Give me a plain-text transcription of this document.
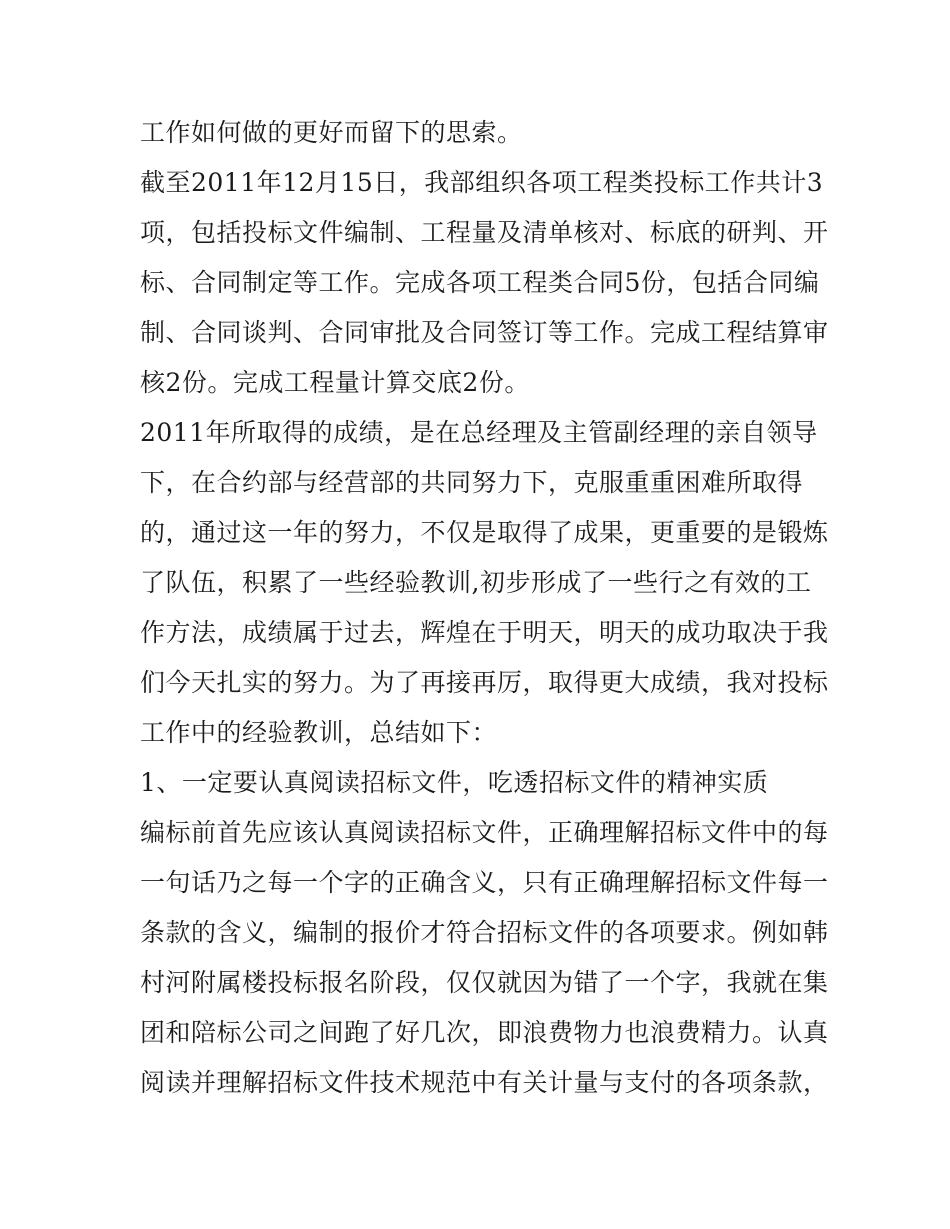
工作如何做的更好而留下的思索。
截至2011年12月15日，我部组织各项工程类投标工作共计3
项，包括投标文件编制、工程量及清单核对、标底的研判、开
标、合同制定等工作。完成各项工程类合同5份，包括合同编
制、合同谈判、合同审批及合同签订等工作。完成工程结算审
核2份。完成工程量计算交底2份。
2011年所取得的成绩，是在总经理及主管副经理的亲自领导
下，在合约部与经营部的共同努力下，克服重重困难所取得
的，通过这一年的努力，不仅是取得了成果，更重要的是锻炼
了队伍，积累了一些经验教训,初步形成了一些行之有效的工
作方法，成绩属于过去，辉煌在于明天，明天的成功取决于我
们今天扎实的努力。为了再接再厉，取得更大成绩，我对投标
工作中的经验教训，总结如下：
1、一定要认真阅读招标文件，吃透招标文件的精神实质
编标前首先应该认真阅读招标文件，正确理解招标文件中的每
一句话乃之每一个字的正确含义，只有正确理解招标文件每一
条款的含义，编制的报价才符合招标文件的各项要求。例如韩
村河附属楼投标报名阶段，仅仅就因为错了一个字，我就在集
团和陪标公司之间跑了好几次，即浪费物力也浪费精力。认真
阅读并理解招标文件技术规范中有关计量与支付的各项条款，
